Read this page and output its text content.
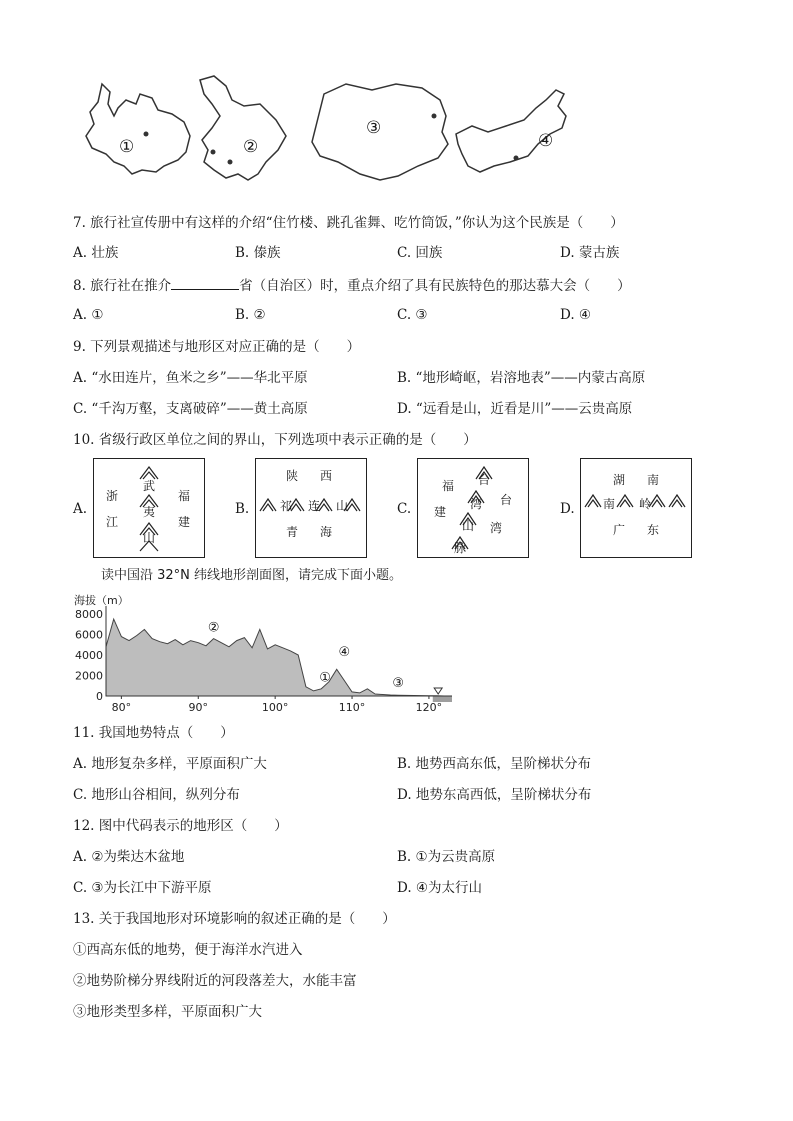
①	②
③
④
7. 旅行社宣传册中有这样的介绍“住竹楼、跳孔雀舞、吃竹筒饭，”你认为这个民族是（　　）
A. 壮族	B. 傣族	C. 回族	D. 蒙古族
8. 旅行社在推介	省（自治区）时，重点介绍了具有民族特色的那达慕大会（　　）
A. ①	B. ②	C. ③	D. ④
9. 下列景观描述与地形区对应正确的是（　　）
A. “水田连片，鱼米之乡”——华北平原	B. “地形崎岖，岩溶地表”——内蒙古高原
C. “千沟万壑，支离破碎”——黄土高原	D. “远看是山，近看是川”——云贵高原
10. 省级行政区单位之间的界山，下列选项中表示正确的是（　　）
A.	B.	C.	D.
浙
江
福
建
武
夷
山
陕 西
青 海
祁 连 山
福
建
台
湾
台
湾
山
脉
湖 南
广 东
南 岭
读中国沿 32°N 纬线地形剖面图，请完成下面小题。
8000
6000
4000
2000
0
80°	90°	100°	110°	120°
海拔（m）
①
②
③
④
11. 我国地势特点（　　）
A. 地形复杂多样，平原面积广大	B. 地势西高东低，呈阶梯状分布
C. 地形山谷相间，纵列分布	D. 地势东高西低，呈阶梯状分布
12. 图中代码表示的地形区（　　）
A. ②为柴达木盆地	B. ①为云贵高原
C. ③为长江中下游平原	D. ④为太行山
13. 关于我国地形对环境影响的叙述正确的是（　　）
①西高东低的地势，便于海洋水汽进入
②地势阶梯分界线附近的河段落差大，水能丰富
③地形类型多样，平原面积广大
